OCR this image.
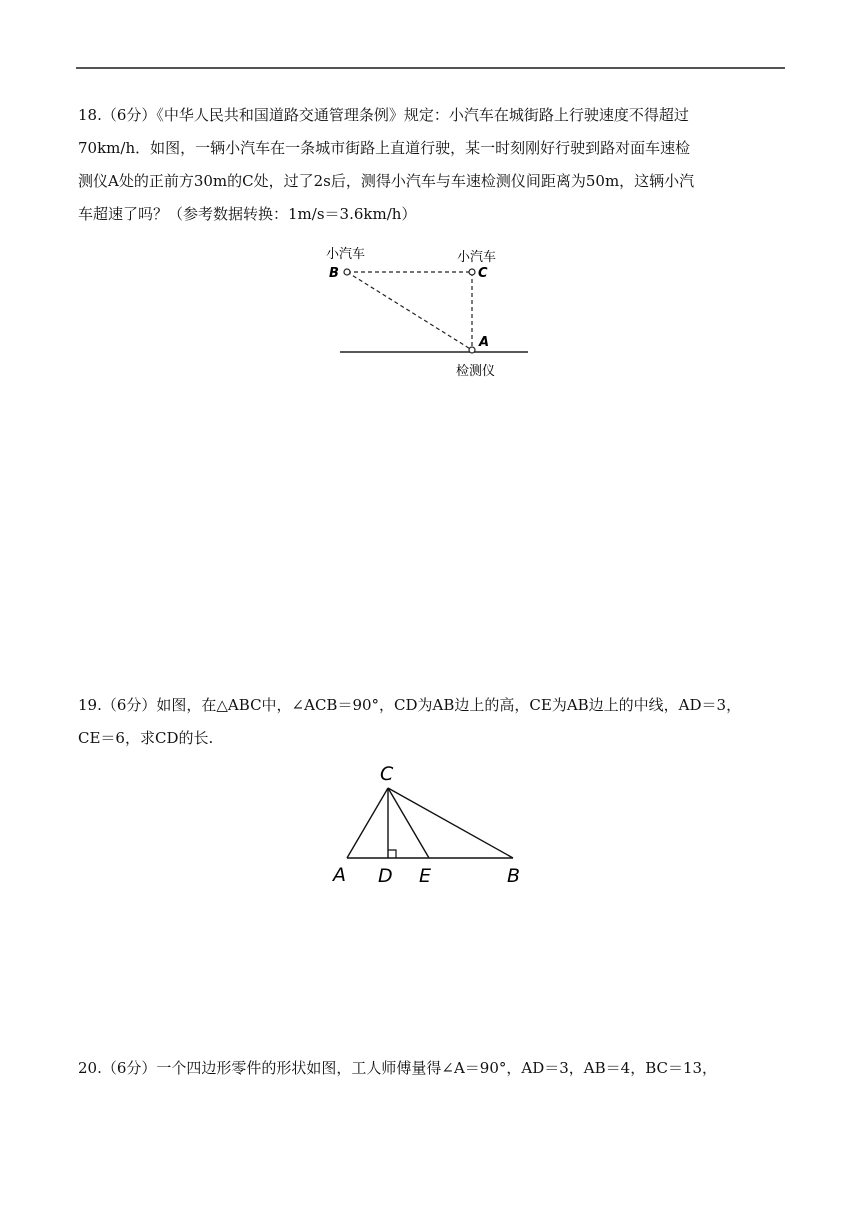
18.（6分）《中华人民共和国道路交通管理条例》规定：小汽车在城街路上行驶速度不得超过
70km/h．如图，一辆小汽车在一条城市街路上直道行驶，某一时刻刚好行驶到路对面车速检
测仪A处的正前方30m的C处，过了2s后，测得小汽车与车速检测仪间距离为50m，这辆小汽
车超速了吗？（参考数据转换：1m/s＝3.6km/h）
小汽车	小汽车
B	C
A
检测仪
19.（6分）如图，在△ABC中，∠ACB＝90°，CD为AB边上的高，CE为AB边上的中线，AD＝3，
CE＝6，求CD的长.
C
A D E	B
20.（6分）一个四边形零件的形状如图，工人师傅量得∠A＝90°，AD＝3，AB＝4，BC＝13，
